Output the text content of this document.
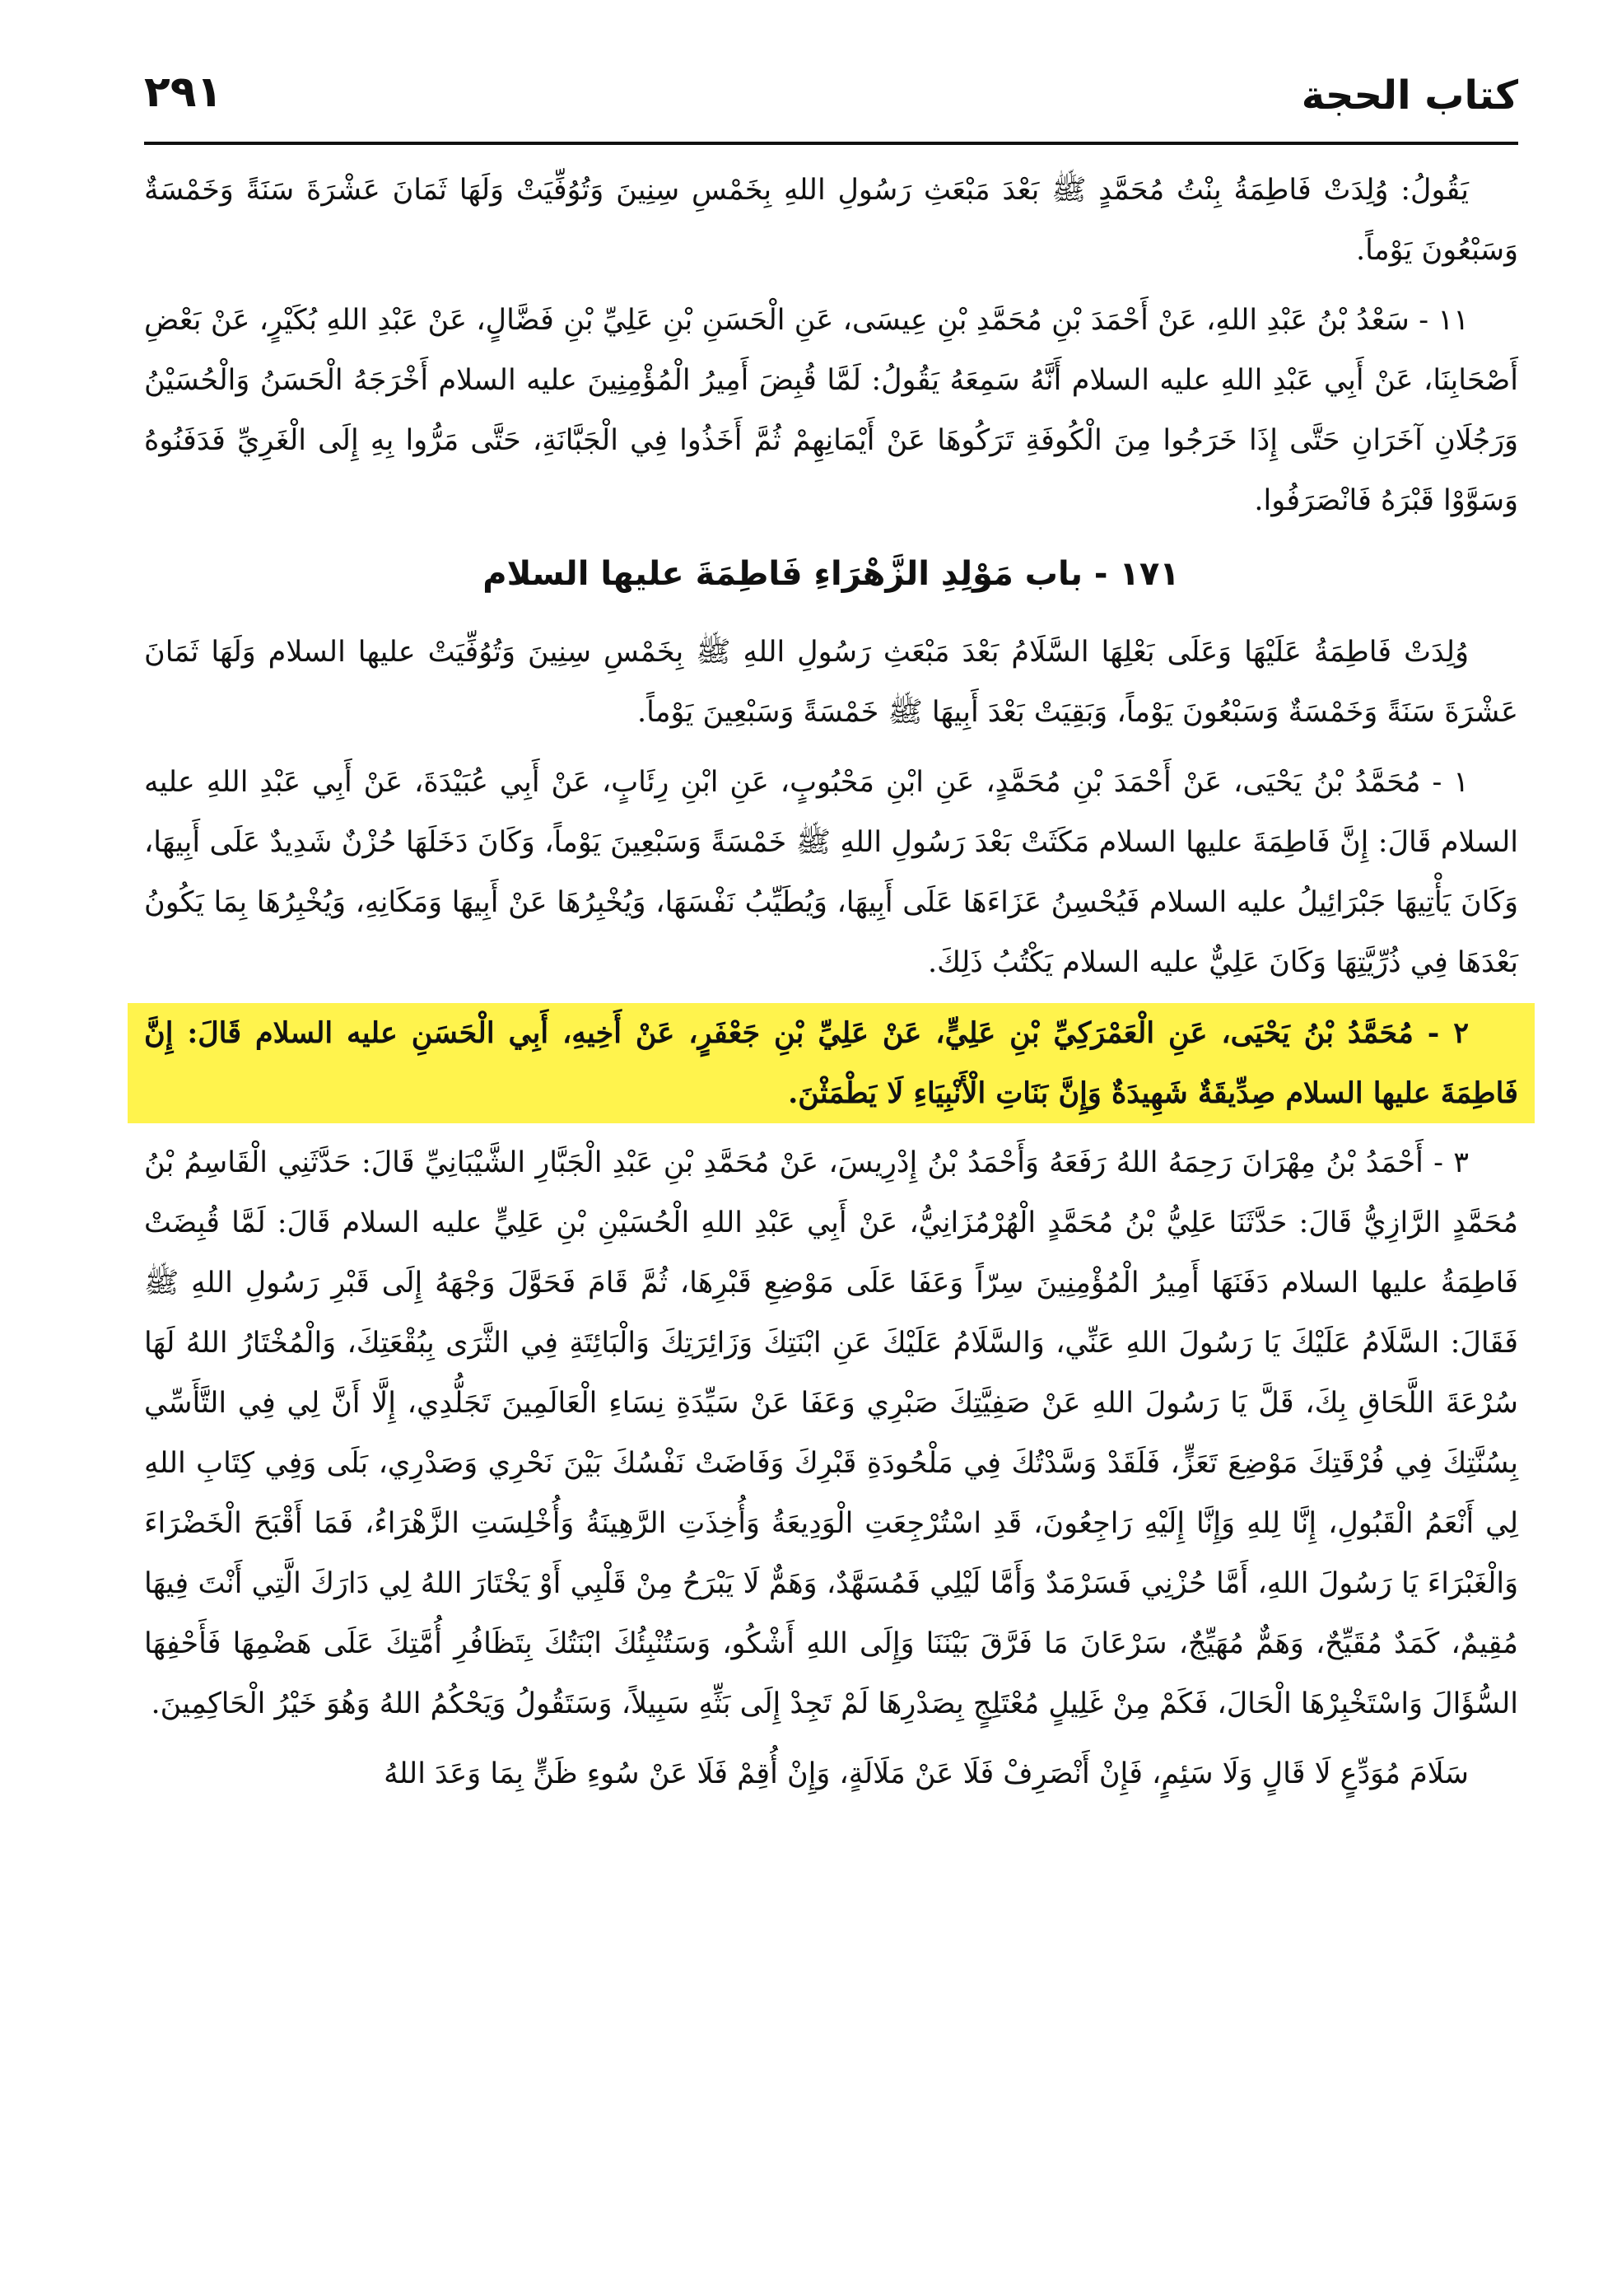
كتاب الحجة
٢٩١

يَقُولُ: وُلِدَتْ فَاطِمَةُ بِنْتُ مُحَمَّدٍ ﷺ بَعْدَ مَبْعَثِ رَسُولِ اللهِ بِخَمْسِ سِنِينَ وَتُوُفِّيَتْ وَلَهَا ثَمَانَ عَشْرَةَ سَنَةً وَخَمْسَةٌ وَسَبْعُونَ يَوْماً.

١١ - سَعْدُ بْنُ عَبْدِ اللهِ، عَنْ أَحْمَدَ بْنِ مُحَمَّدِ بْنِ عِيسَى، عَنِ الْحَسَنِ بْنِ عَلِيِّ بْنِ فَضَّالٍ، عَنْ عَبْدِ اللهِ بُكَيْرٍ، عَنْ بَعْضِ أَصْحَابِنَا، عَنْ أَبِي عَبْدِ اللهِ عليه السلام أَنَّهُ سَمِعَهُ يَقُولُ: لَمَّا قُبِضَ أَمِيرُ الْمُؤْمِنِينَ عليه السلام أَخْرَجَهُ الْحَسَنُ وَالْحُسَيْنُ وَرَجُلَانِ آخَرَانِ حَتَّى إِذَا خَرَجُوا مِنَ الْكُوفَةِ تَرَكُوهَا عَنْ أَيْمَانِهِمْ ثُمَّ أَخَذُوا فِي الْجَبَّانَةِ، حَتَّى مَرُّوا بِهِ إِلَى الْغَرِيِّ فَدَفَنُوهُ وَسَوَّوْا قَبْرَهُ فَانْصَرَفُوا.

١٧١ - باب مَوْلِدِ الزَّهْرَاءِ فَاطِمَةَ عليها السلام

وُلِدَتْ فَاطِمَةُ عَلَيْهَا وَعَلَى بَعْلِهَا السَّلَامُ بَعْدَ مَبْعَثِ رَسُولِ اللهِ ﷺ بِخَمْسِ سِنِينَ وَتُوُفِّيَتْ عليها السلام وَلَهَا ثَمَانَ عَشْرَةَ سَنَةً وَخَمْسَةٌ وَسَبْعُونَ يَوْماً، وَبَقِيَتْ بَعْدَ أَبِيهَا ﷺ خَمْسَةً وَسَبْعِينَ يَوْماً.

١ - مُحَمَّدُ بْنُ يَحْيَى، عَنْ أَحْمَدَ بْنِ مُحَمَّدٍ، عَنِ ابْنِ مَحْبُوبٍ، عَنِ ابْنِ رِئَابٍ، عَنْ أَبِي عُبَيْدَةَ، عَنْ أَبِي عَبْدِ اللهِ عليه السلام قَالَ: إِنَّ فَاطِمَةَ عليها السلام مَكَثَتْ بَعْدَ رَسُولِ اللهِ ﷺ خَمْسَةً وَسَبْعِينَ يَوْماً، وَكَانَ دَخَلَهَا حُزْنٌ شَدِيدٌ عَلَى أَبِيهَا، وَكَانَ يَأْتِيهَا جَبْرَائِيلُ عليه السلام فَيُحْسِنُ عَزَاءَهَا عَلَى أَبِيهَا، وَيُطَيِّبُ نَفْسَهَا، وَيُخْبِرُهَا عَنْ أَبِيهَا وَمَكَانِهِ، وَيُخْبِرُهَا بِمَا يَكُونُ بَعْدَهَا فِي ذُرِّيَّتِهَا وَكَانَ عَلِيٌّ عليه السلام يَكْتُبُ ذَلِكَ.

٢ - مُحَمَّدُ بْنُ يَحْيَى، عَنِ الْعَمْرَكِيِّ بْنِ عَلِيٍّ، عَنْ عَلِيِّ بْنِ جَعْفَرٍ، عَنْ أَخِيهِ، أَبِي الْحَسَنِ عليه السلام قَالَ: إِنَّ فَاطِمَةَ عليها السلام صِدِّيقَةٌ شَهِيدَةٌ وَإِنَّ بَنَاتِ الْأَنْبِيَاءِ لَا يَطْمَثْنَ.

٣ - أَحْمَدُ بْنُ مِهْرَانَ رَحِمَهُ اللهُ رَفَعَهُ وَأَحْمَدُ بْنُ إِدْرِيسَ، عَنْ مُحَمَّدِ بْنِ عَبْدِ الْجَبَّارِ الشَّيْبَانِيِّ قَالَ: حَدَّثَنِي الْقَاسِمُ بْنُ مُحَمَّدٍ الرَّازِيُّ قَالَ: حَدَّثَنَا عَلِيُّ بْنُ مُحَمَّدٍ الْهُرْمُزَانِيُّ، عَنْ أَبِي عَبْدِ اللهِ الْحُسَيْنِ بْنِ عَلِيٍّ عليه السلام قَالَ: لَمَّا قُبِضَتْ فَاطِمَةُ عليها السلام دَفَنَهَا أَمِيرُ الْمُؤْمِنِينَ سِرّاً وَعَفَا عَلَى مَوْضِعِ قَبْرِهَا، ثُمَّ قَامَ فَحَوَّلَ وَجْهَهُ إِلَى قَبْرِ رَسُولِ اللهِ ﷺ فَقَالَ: السَّلَامُ عَلَيْكَ يَا رَسُولَ اللهِ عَنِّي، وَالسَّلَامُ عَلَيْكَ عَنِ ابْنَتِكَ وَزَائِرَتِكَ وَالْبَائِتَةِ فِي الثَّرَى بِبُقْعَتِكَ، وَالْمُخْتَارُ اللهُ لَهَا سُرْعَةَ اللَّحَاقِ بِكَ، قَلَّ يَا رَسُولَ اللهِ عَنْ صَفِيَّتِكَ صَبْرِي وَعَفَا عَنْ سَيِّدَةِ نِسَاءِ الْعَالَمِينَ تَجَلُّدِي، إِلَّا أَنَّ لِي فِي التَّأَسِّي بِسُنَّتِكَ فِي فُرْقَتِكَ مَوْضِعَ تَعَزٍّ، فَلَقَدْ وَسَّدْتُكَ فِي مَلْحُودَةِ قَبْرِكَ وَفَاضَتْ نَفْسُكَ بَيْنَ نَحْرِي وَصَدْرِي، بَلَى وَفِي كِتَابِ اللهِ لِي أَنْعَمُ الْقَبُولِ، إِنَّا لِلهِ وَإِنَّا إِلَيْهِ رَاجِعُونَ، قَدِ اسْتُرْجِعَتِ الْوَدِيعَةُ وَأُخِذَتِ الرَّهِينَةُ وَأُخْلِسَتِ الزَّهْرَاءُ، فَمَا أَقْبَحَ الْخَضْرَاءَ وَالْغَبْرَاءَ يَا رَسُولَ اللهِ، أَمَّا حُزْنِي فَسَرْمَدٌ وَأَمَّا لَيْلِي فَمُسَهَّدٌ، وَهَمٌّ لَا يَبْرَحُ مِنْ قَلْبِي أَوْ يَخْتَارَ اللهُ لِي دَارَكَ الَّتِي أَنْتَ فِيهَا مُقِيمٌ، كَمَدٌ مُقَيِّحٌ، وَهَمٌّ مُهَيِّجٌ، سَرْعَانَ مَا فَرَّقَ بَيْنَنَا وَإِلَى اللهِ أَشْكُو، وَسَتُنْبِئُكَ ابْنَتُكَ بِتَظَافُرِ أُمَّتِكَ عَلَى هَضْمِهَا فَأَحْفِهَا السُّؤَالَ وَاسْتَخْبِرْهَا الْحَالَ، فَكَمْ مِنْ غَلِيلٍ مُعْتَلِجٍ بِصَدْرِهَا لَمْ تَجِدْ إِلَى بَثِّهِ سَبِيلاً، وَسَتَقُولُ وَيَحْكُمُ اللهُ وَهُوَ خَيْرُ الْحَاكِمِينَ.

سَلَامَ مُوَدِّعٍ لَا قَالٍ وَلَا سَئِمٍ، فَإِنْ أَنْصَرِفْ فَلَا عَنْ مَلَالَةٍ، وَإِنْ أُقِمْ فَلَا عَنْ سُوءِ ظَنٍّ بِمَا وَعَدَ اللهُ
